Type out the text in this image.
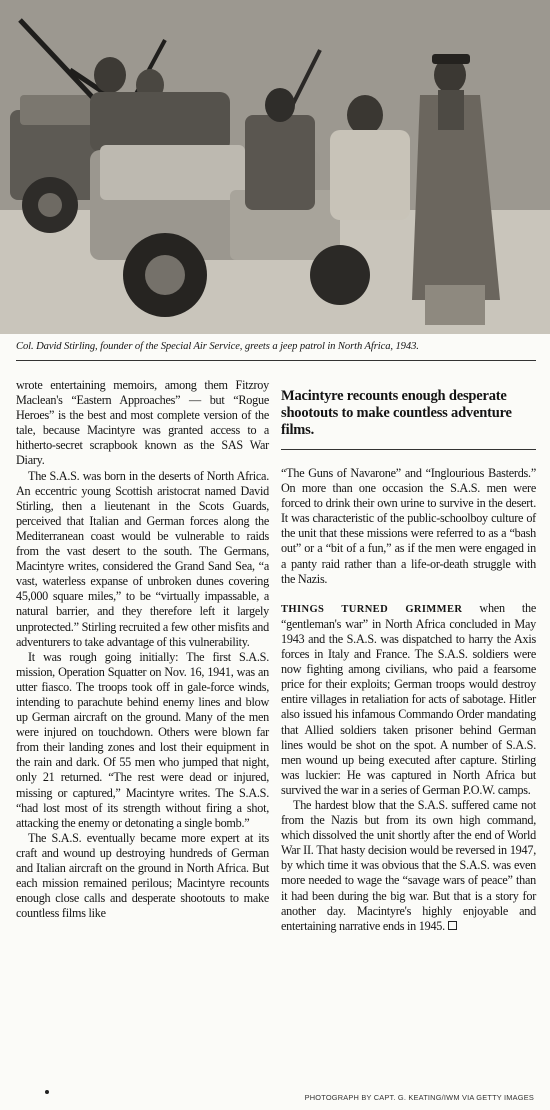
Col. David Stirling, founder of the Special Air Service, greets a jeep patrol in North Africa, 1943.

wrote entertaining memoirs, among them Fitzroy Maclean's “Eastern Approaches” — but “Rogue Heroes” is the best and most complete version of the tale, because Macintyre was granted access to a hitherto-secret scrapbook known as the SAS War Diary.

The S.A.S. was born in the deserts of North Africa. An eccentric young Scottish aristocrat named David Stirling, then a lieutenant in the Scots Guards, perceived that Italian and German forces along the Mediterranean coast would be vulnerable to raids from the vast desert to the south. The Germans, Macintyre writes, considered the Grand Sand Sea, “a vast, waterless expanse of unbroken dunes covering 45,000 square miles,” to be “virtually impassable, a natural barrier, and they therefore left it largely unprotected.” Stirling recruited a few other misfits and adventurers to take advantage of this vulnerability.

It was rough going initially: The first S.A.S. mission, Operation Squatter on Nov. 16, 1941, was an utter fiasco. The troops took off in gale-force winds, intending to parachute behind enemy lines and blow up German aircraft on the ground. Many of the men were injured on touchdown. Others were blown far from their landing zones and lost their equipment in the rain and dark. Of 55 men who jumped that night, only 21 returned. “The rest were dead or injured, missing or captured,” Macintyre writes. The S.A.S. “had lost most of its strength without firing a shot, attacking the enemy or detonating a single bomb.”

The S.A.S. eventually became more expert at its craft and wound up destroying hundreds of German and Italian aircraft on the ground in North Africa. But each mission remained perilous; Macintyre recounts enough close calls and desperate shootouts to make countless films like

Macintyre recounts enough desperate shootouts to make countless adventure films.

“The Guns of Navarone” and “Inglourious Basterds.” On more than one occasion the S.A.S. men were forced to drink their own urine to survive in the desert. It was characteristic of the public-schoolboy culture of the unit that these missions were referred to as a “bash out” or a “bit of a fun,” as if the men were engaged in a panty raid rather than a life-or-death struggle with the Nazis.

THINGS TURNED GRIMMER when the “gentleman's war” in North Africa concluded in May 1943 and the S.A.S. was dispatched to harry the Axis forces in Italy and France. The S.A.S. soldiers were now fighting among civilians, who paid a fearsome price for their exploits; German troops would destroy entire villages in retaliation for acts of sabotage. Hitler also issued his infamous Commando Order mandating that Allied soldiers taken prisoner behind German lines would be shot on the spot. A number of S.A.S. men wound up being executed after capture. Stirling was luckier: He was captured in North Africa but survived the war in a series of German P.O.W. camps.

The hardest blow that the S.A.S. suffered came not from the Nazis but from its own high command, which dissolved the unit shortly after the end of World War II. That hasty decision would be reversed in 1947, by which time it was obvious that the S.A.S. was even more needed to wage the “savage wars of peace” than it had been during the big war. But that is a story for another day. Macintyre's highly enjoyable and entertaining narrative ends in 1945.

PHOTOGRAPH BY CAPT. G. KEATING/IWM VIA GETTY IMAGES
